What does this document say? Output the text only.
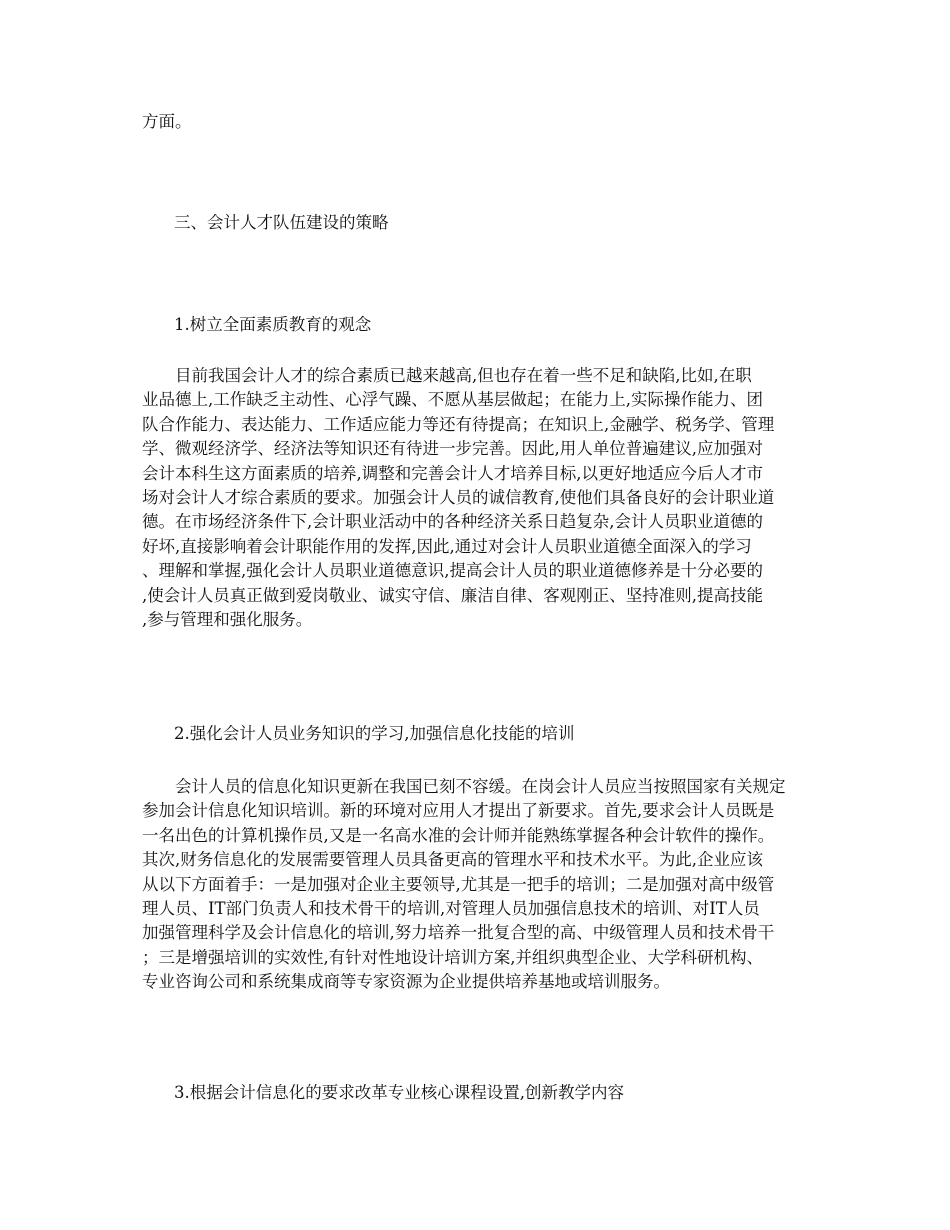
方面。
三、会计人才队伍建设的策略
1.树立全面素质教育的观念
目前我国会计人才的综合素质已越来越高,但也存在着一些不足和缺陷,比如,在职
业品德上,工作缺乏主动性、心浮气躁、不愿从基层做起；在能力上,实际操作能力、团
队合作能力、表达能力、工作适应能力等还有待提高；在知识上,金融学、税务学、管理
学、微观经济学、经济法等知识还有待进一步完善。因此,用人单位普遍建议,应加强对
会计本科生这方面素质的培养,调整和完善会计人才培养目标,以更好地适应今后人才市
场对会计人才综合素质的要求。加强会计人员的诚信教育,使他们具备良好的会计职业道
德。在市场经济条件下,会计职业活动中的各种经济关系日趋复杂,会计人员职业道德的
好坏,直接影响着会计职能作用的发挥,因此,通过对会计人员职业道德全面深入的学习
、理解和掌握,强化会计人员职业道德意识,提高会计人员的职业道德修养是十分必要的
,使会计人员真正做到爱岗敬业、诚实守信、廉洁自律、客观刚正、坚持准则,提高技能
,参与管理和强化服务。
2.强化会计人员业务知识的学习,加强信息化技能的培训
会计人员的信息化知识更新在我国已刻不容缓。在岗会计人员应当按照国家有关规定
参加会计信息化知识培训。新的环境对应用人才提出了新要求。首先,要求会计人员既是
一名出色的计算机操作员,又是一名高水准的会计师并能熟练掌握各种会计软件的操作。
其次,财务信息化的发展需要管理人员具备更高的管理水平和技术水平。为此,企业应该
从以下方面着手：一是加强对企业主要领导,尤其是一把手的培训；二是加强对高中级管
理人员、IT部门负责人和技术骨干的培训,对管理人员加强信息技术的培训、对IT人员
加强管理科学及会计信息化的培训,努力培养一批复合型的高、中级管理人员和技术骨干
；三是增强培训的实效性,有针对性地设计培训方案,并组织典型企业、大学科研机构、
专业咨询公司和系统集成商等专家资源为企业提供培养基地或培训服务。
3.根据会计信息化的要求改革专业核心课程设置,创新教学内容
